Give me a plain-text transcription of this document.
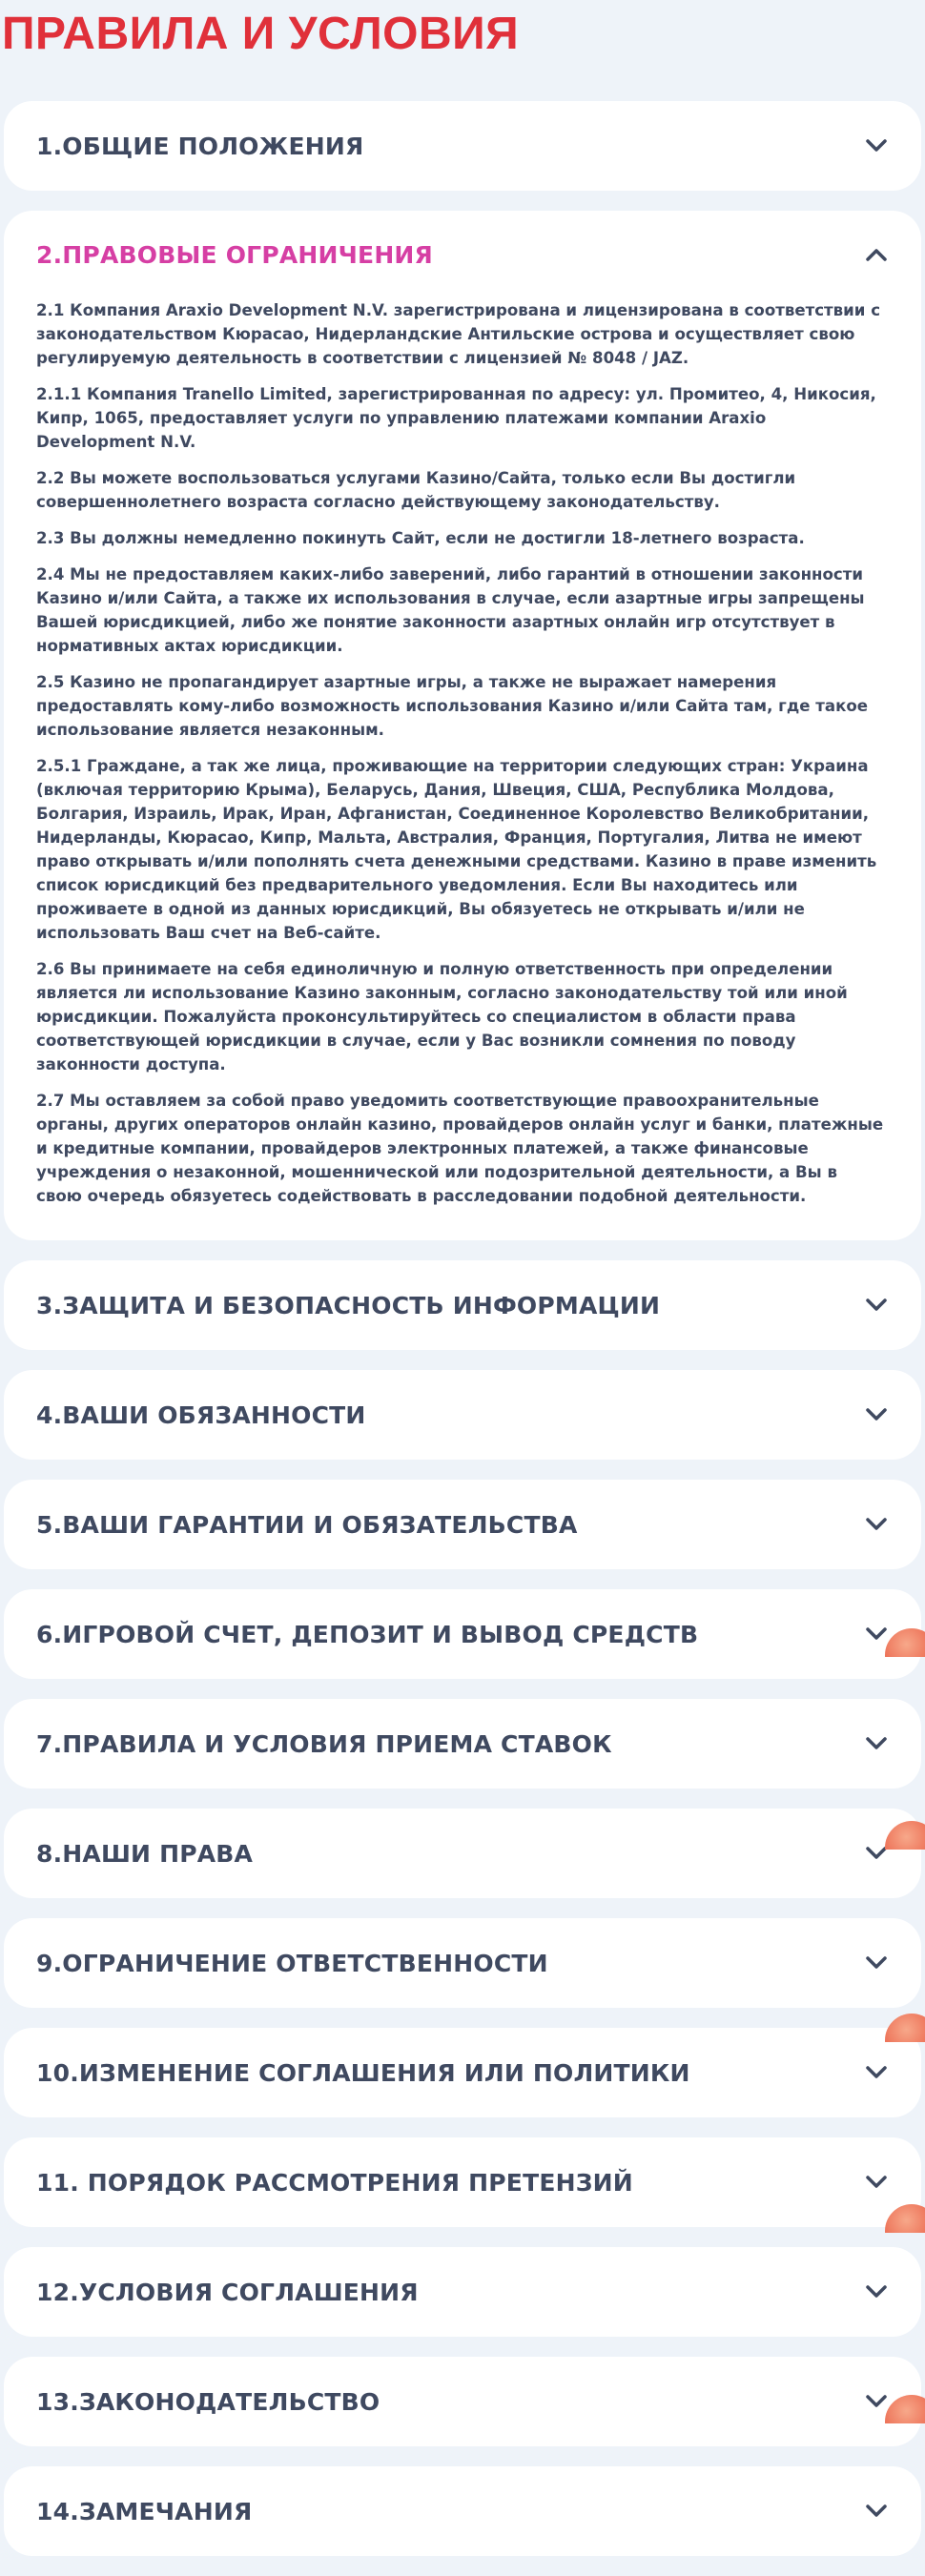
ПРАВИЛА И УСЛОВИЯ
1.ОБЩИЕ ПОЛОЖЕНИЯ
2.ПРАВОВЫЕ ОГРАНИЧЕНИЯ

2.1 Компания Araxio Development N.V. зарегистрирована и лицензирована в соответствии с законодательством Кюрасао, Нидерландские Антильские острова и осуществляет свою регулируемую деятельность в соответствии с лицензией № 8048 / JAZ.

2.1.1 Компания Tranello Limited, зарегистрированная по адресу: ул. Промитео, 4, Никосия, Кипр, 1065, предоставляет услуги по управлению платежами компании Araxio Development N.V.

2.2 Вы можете воспользоваться услугами Казино/Сайта, только если Вы достигли совершеннолетнего возраста согласно действующему законодательству.

2.3 Вы должны немедленно покинуть Сайт, если не достигли 18-летнего возраста.

2.4 Мы не предоставляем каких-либо заверений, либо гарантий в отношении законности Казино и/или Сайта, а также их использования в случае, если азартные игры запрещены Вашей юрисдикцией, либо же понятие законности азартных онлайн игр отсутствует в нормативных актах юрисдикции.

2.5 Казино не пропагандирует азартные игры, а также не выражает намерения предоставлять кому-либо возможность использования Казино и/или Сайта там, где такое использование является незаконным.

2.5.1 Граждане, а так же лица, проживающие на территории следующих стран: Украина (включая территорию Крыма), Беларусь, Дания, Швеция, США, Республика Молдова, Болгария, Израиль, Ирак, Иран, Афганистан, Соединенное Королевство Великобритании, Нидерланды, Кюрасао, Кипр, Мальта, Австралия, Франция, Португалия, Литва не имеют право открывать и/или пополнять счета денежными средствами. Казино в праве изменить список юрисдикций без предварительного уведомления. Если Вы находитесь или проживаете в одной из данных юрисдикций, Вы обязуетесь не открывать и/или не использовать Ваш счет на Веб-сайте.

2.6 Вы принимаете на себя единоличную и полную ответственность при определении является ли использование Казино законным, согласно законодательству той или иной юрисдикции. Пожалуйста проконсультируйтесь со специалистом в области права соответствующей юрисдикции в случае, если у Вас возникли сомнения по поводу законности доступа.

2.7 Мы оставляем за собой право уведомить соответствующие правоохранительные органы, других операторов онлайн казино, провайдеров онлайн услуг и банки, платежные и кредитные компании, провайдеров электронных платежей, а также финансовые учреждения о незаконной, мошеннической или подозрительной деятельности, а Вы в свою очередь обязуетесь содействовать в расследовании подобной деятельности.

3.ЗАЩИТА И БЕЗОПАСНОСТЬ ИНФОРМАЦИИ
4.ВАШИ ОБЯЗАННОСТИ
5.ВАШИ ГАРАНТИИ И ОБЯЗАТЕЛЬСТВА
6.ИГРОВОЙ СЧЕТ, ДЕПОЗИТ И ВЫВОД СРЕДСТВ
7.ПРАВИЛА И УСЛОВИЯ ПРИЕМА СТАВОК
8.НАШИ ПРАВА
9.ОГРАНИЧЕНИЕ ОТВЕТСТВЕННОСТИ
10.ИЗМЕНЕНИЕ СОГЛАШЕНИЯ ИЛИ ПОЛИТИКИ
11. ПОРЯДОК РАССМОТРЕНИЯ ПРЕТЕНЗИЙ
12.УСЛОВИЯ СОГЛАШЕНИЯ
13.ЗАКОНОДАТЕЛЬСТВО
14.ЗАМЕЧАНИЯ
